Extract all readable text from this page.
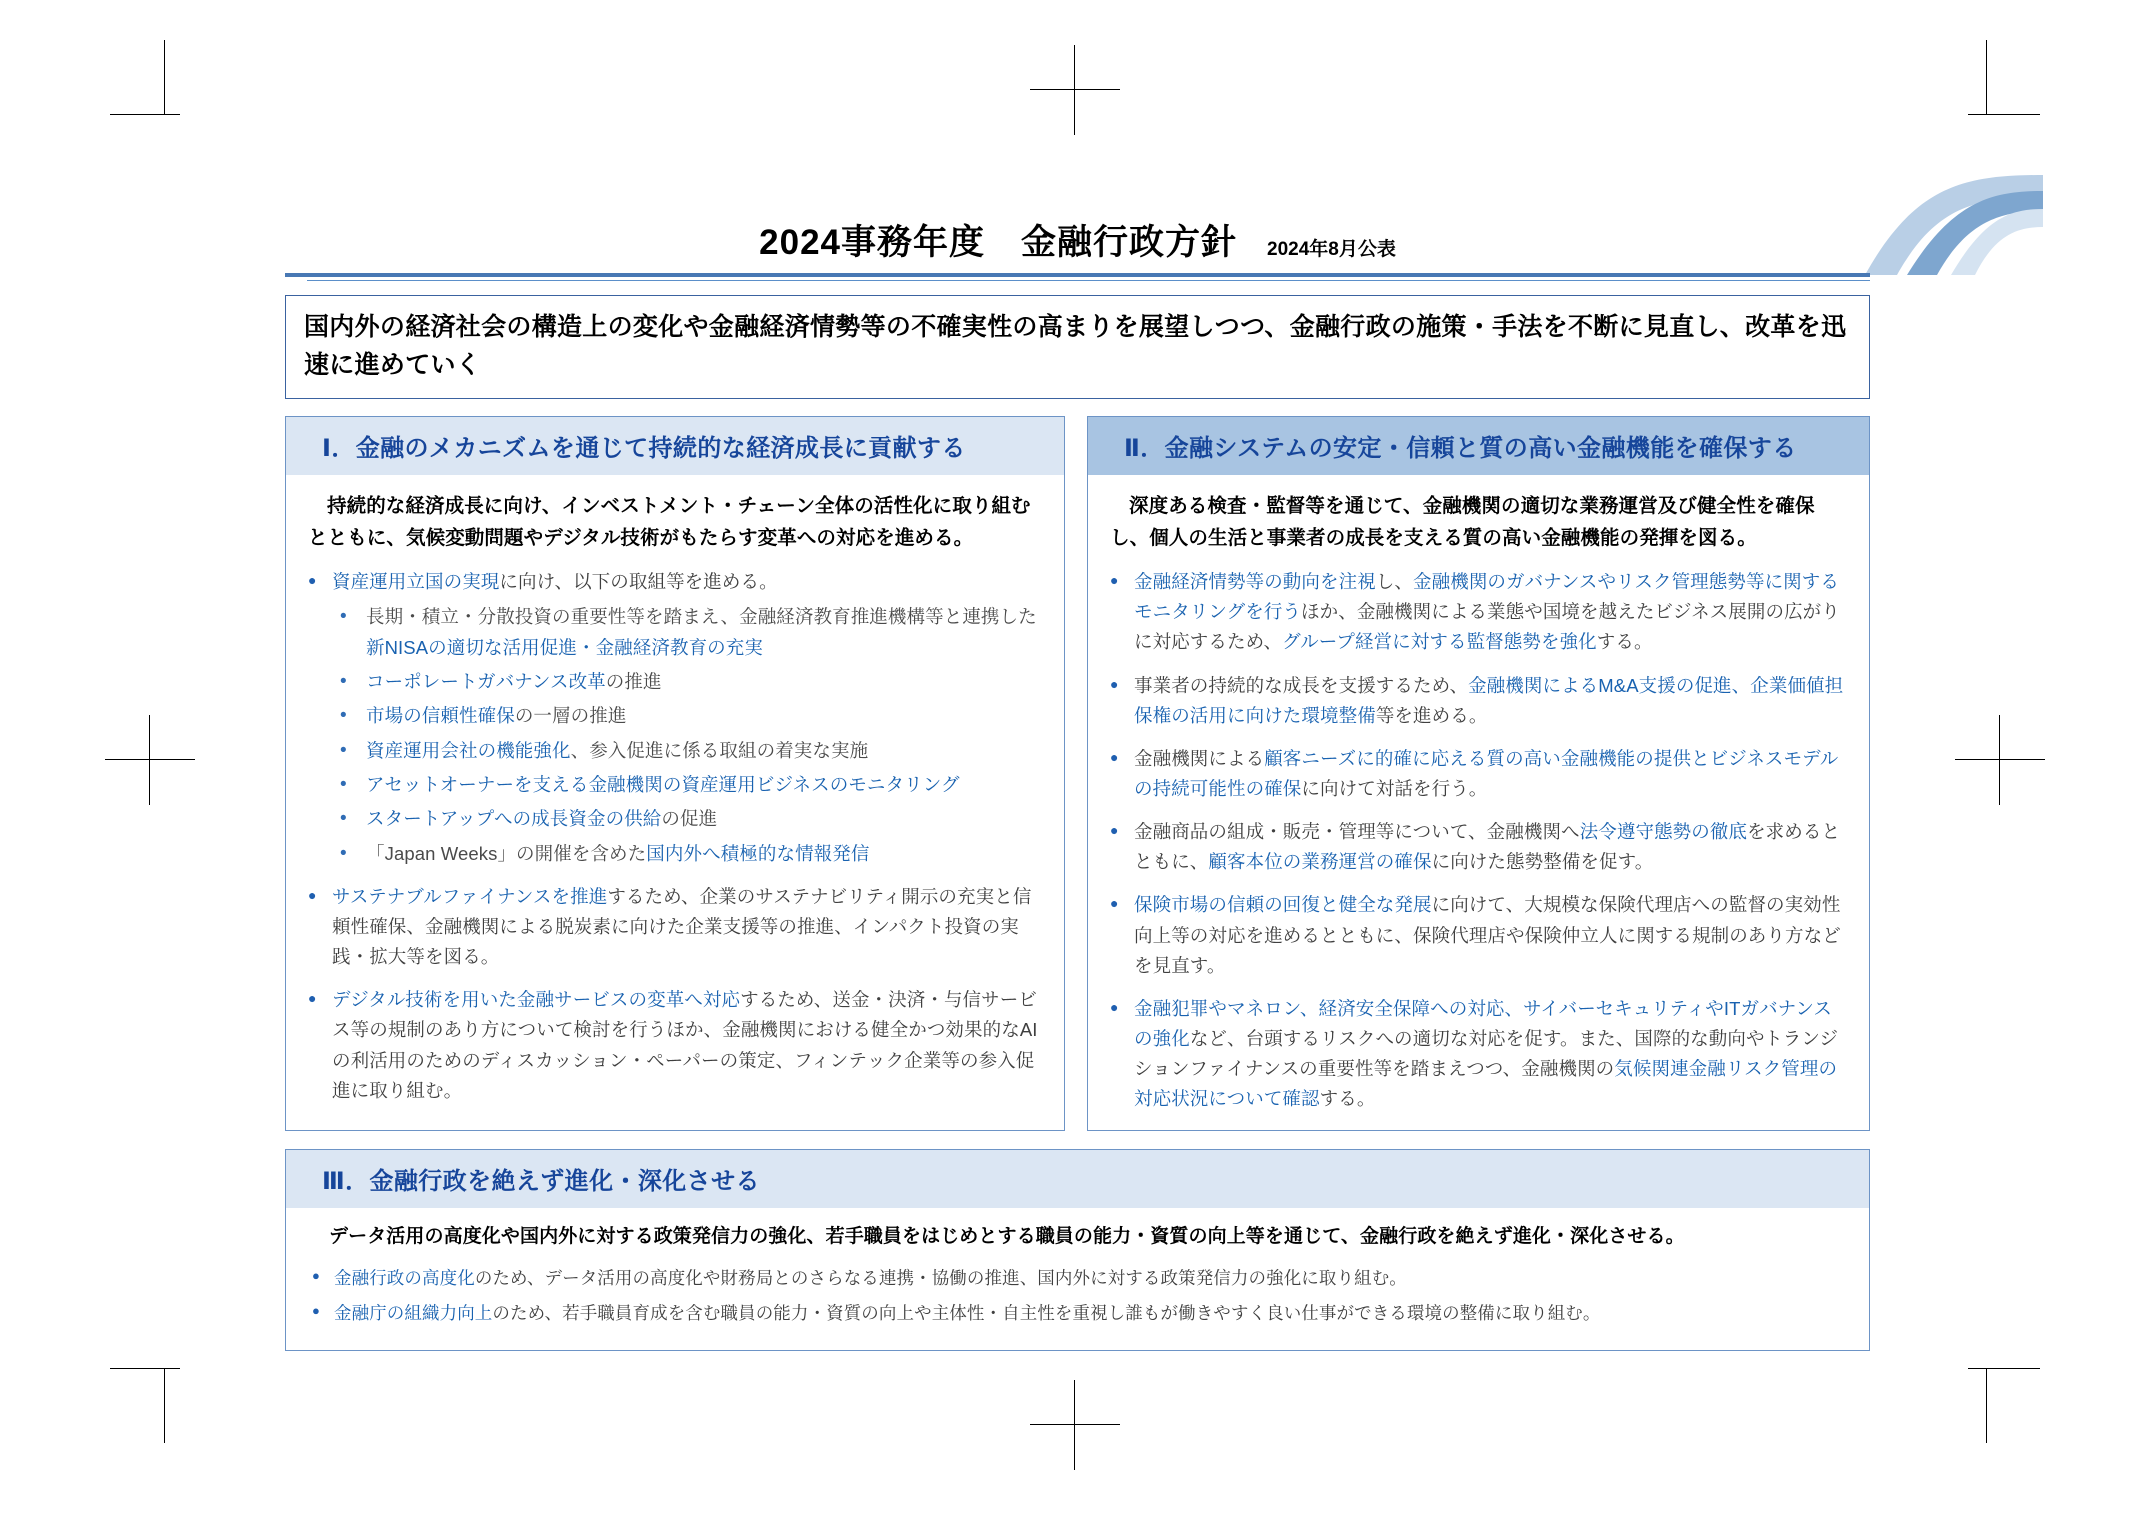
2024事務年度　金融行政方針 2024年8月公表
国内外の経済社会の構造上の変化や金融経済情勢等の不確実性の高まりを展望しつつ、金融行政の施策・手法を不断に見直し、改革を迅速に進めていく
Ⅰ．金融のメカニズムを通じて持続的な経済成長に貢献する
持続的な経済成長に向け、インベストメント・チェーン全体の活性化に取り組むとともに、気候変動問題やデジタル技術がもたらす変革への対応を進める。
● 資産運用立国の実現に向け、以下の取組等を進める。
• 長期・積立・分散投資の重要性等を踏まえ、金融経済教育推進機構等と連携した新NISAの適切な活用促進・金融経済教育の充実
• コーポレートガバナンス改革の推進
• 市場の信頼性確保の一層の推進
• 資産運用会社の機能強化、参入促進に係る取組の着実な実施
• アセットオーナーを支える金融機関の資産運用ビジネスのモニタリング
• スタートアップへの成長資金の供給の促進
• 「Japan Weeks」の開催を含めた国内外へ積極的な情報発信
● サステナブルファイナンスを推進するため、企業のサステナビリティ開示の充実と信頼性確保、金融機関による脱炭素に向けた企業支援等の推進、インパクト投資の実践・拡大等を図る。
● デジタル技術を用いた金融サービスの変革へ対応するため、送金・決済・与信サービス等の規制のあり方について検討を行うほか、金融機関における健全かつ効果的なAIの利活用のためのディスカッション・ペーパーの策定、フィンテック企業等の参入促進に取り組む。
Ⅱ．金融システムの安定・信頼と質の高い金融機能を確保する
深度ある検査・監督等を通じて、金融機関の適切な業務運営及び健全性を確保し、個人の生活と事業者の成長を支える質の高い金融機能の発揮を図る。
● 金融経済情勢等の動向を注視し、金融機関のガバナンスやリスク管理態勢等に関するモニタリングを行うほか、金融機関による業態や国境を越えたビジネス展開の広がりに対応するため、グループ経営に対する監督態勢を強化する。
● 事業者の持続的な成長を支援するため、金融機関によるM&A支援の促進、企業価値担保権の活用に向けた環境整備等を進める。
● 金融機関による顧客ニーズに的確に応える質の高い金融機能の提供とビジネスモデルの持続可能性の確保に向けて対話を行う。
● 金融商品の組成・販売・管理等について、金融機関へ法令遵守態勢の徹底を求めるとともに、顧客本位の業務運営の確保に向けた態勢整備を促す。
● 保険市場の信頼の回復と健全な発展に向けて、大規模な保険代理店への監督の実効性向上等の対応を進めるとともに、保険代理店や保険仲立人に関する規制のあり方などを見直す。
● 金融犯罪やマネロン、経済安全保障への対応、サイバーセキュリティやITガバナンスの強化など、台頭するリスクへの適切な対応を促す。また、国際的な動向やトランジションファイナンスの重要性等を踏まえつつ、金融機関の気候関連金融リスク管理の対応状況について確認する。
Ⅲ．金融行政を絶えず進化・深化させる
データ活用の高度化や国内外に対する政策発信力の強化、若手職員をはじめとする職員の能力・資質の向上等を通じて、金融行政を絶えず進化・深化させる。
● 金融行政の高度化のため、データ活用の高度化や財務局とのさらなる連携・協働の推進、国内外に対する政策発信力の強化に取り組む。
● 金融庁の組織力向上のため、若手職員育成を含む職員の能力・資質の向上や主体性・自主性を重視し誰もが働きやすく良い仕事ができる環境の整備に取り組む。
